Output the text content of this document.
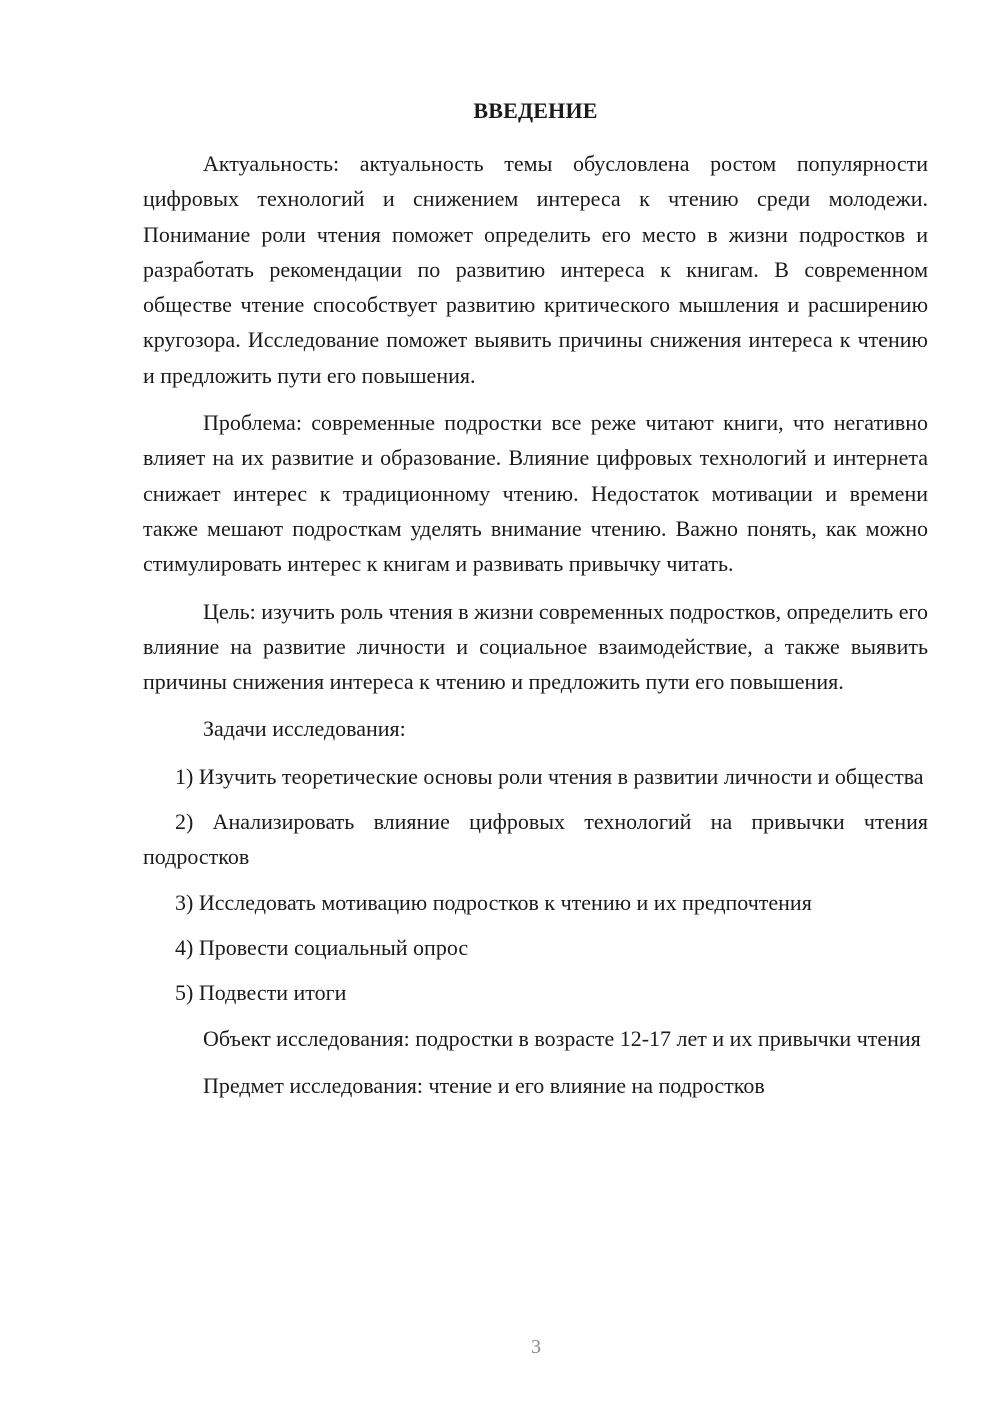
ВВЕДЕНИЕ

Актуальность: актуальность темы обусловлена ростом популярности цифровых технологий и снижением интереса к чтению среди молодежи. Понимание роли чтения поможет определить его место в жизни подростков и разработать рекомендации по развитию интереса к книгам. В современном обществе чтение способствует развитию критического мышления и расширению кругозора. Исследование поможет выявить причины снижения интереса к чтению и предложить пути его повышения.

Проблема: современные подростки все реже читают книги, что негативно влияет на их развитие и образование. Влияние цифровых технологий и интернета снижает интерес к традиционному чтению. Недостаток мотивации и времени также мешают подросткам уделять внимание чтению. Важно понять, как можно стимулировать интерес к книгам и развивать привычку читать.

Цель: изучить роль чтения в жизни современных подростков, определить его влияние на развитие личности и социальное взаимодействие, а также выявить причины снижения интереса к чтению и предложить пути его повышения.

Задачи исследования:

1) Изучить теоретические основы роли чтения в развитии личности и общества

2) Анализировать влияние цифровых технологий на привычки чтения подростков

3) Исследовать мотивацию подростков к чтению и их предпочтения

4) Провести социальный опрос

5) Подвести итоги

Объект исследования: подростки в возрасте 12-17 лет и их привычки чтения

Предмет исследования: чтение и его влияние на подростков

3
